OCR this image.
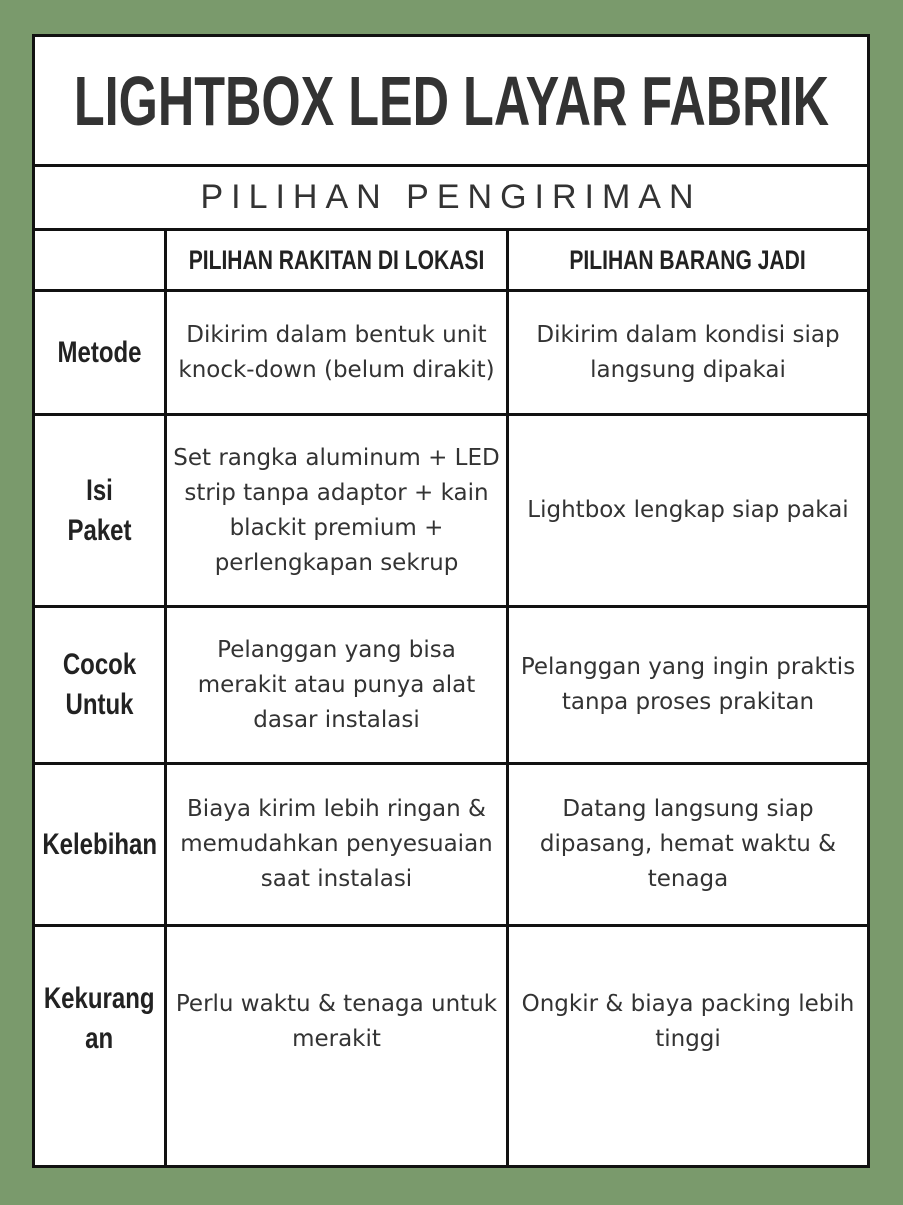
LIGHTBOX LED LAYAR FABRIK
PILIHAN PENGIRIMAN
PILIHAN RAKITAN DI LOKASI	PILIHAN BARANG JADI
Metode
Dikirim dalam bentuk unit knock-down (belum dirakit)
Dikirim dalam kondisi siap langsung dipakai
Isi Paket
Set rangka aluminum + LED strip tanpa adaptor + kain blackit premium + perlengkapan sekrup
Lightbox lengkap siap pakai
Cocok Untuk
Pelanggan yang bisa merakit atau punya alat dasar instalasi
Pelanggan yang ingin praktis tanpa proses prakitan
Kelebihan
Biaya kirim lebih ringan & memudahkan penyesuaian saat instalasi
Datang langsung siap dipasang, hemat waktu & tenaga
Kekurang an
Perlu waktu & tenaga untuk merakit
Ongkir & biaya packing lebih tinggi
